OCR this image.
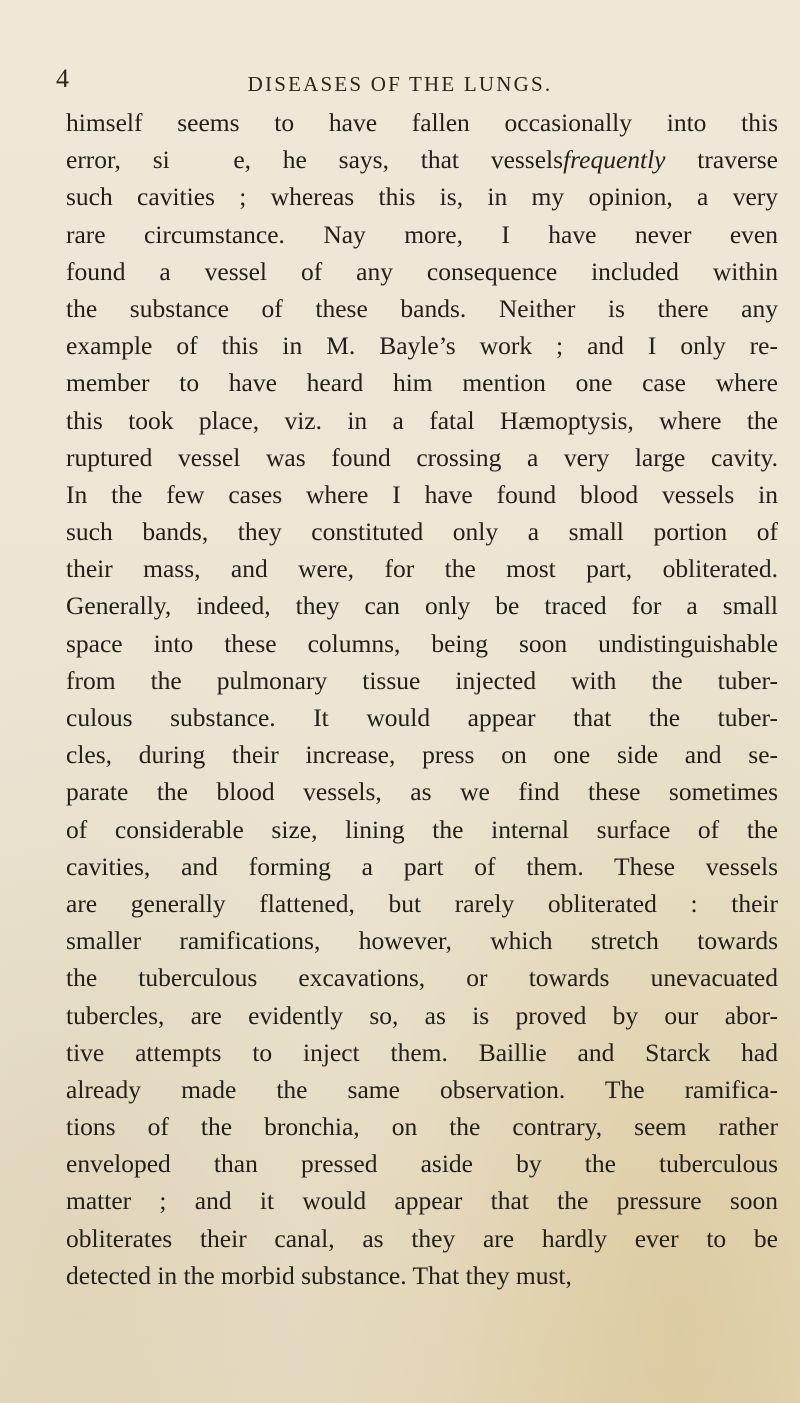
4	DISEASES OF THE LUNGS.
himself seems to have fallen occasionally into this
error, si  e, he says, that vesselsfrequently traverse
such cavities ; whereas this is, in my opinion, a very
rare circumstance. Nay more, I have never even
found a vessel of any consequence included within
the substance of these bands. Neither is there any
example of this in M. Bayle’s work ; and I only re-
member to have heard him mention one case where
this took place, viz. in a fatal Hæmoptysis, where the
ruptured vessel was found crossing a very large cavity.
In the few cases where I have found blood vessels in
such bands, they constituted only a small portion of
their mass, and were, for the most part, obliterated.
Generally, indeed, they can only be traced for a small
space into these columns, being soon undistinguishable
from the pulmonary tissue injected with the tuber-
culous substance. It would appear that the tuber-
cles, during their increase, press on one side and se-
parate the blood vessels, as we find these sometimes
of considerable size, lining the internal surface of the
cavities, and forming a part of them. These vessels
are generally flattened, but rarely obliterated : their
smaller ramifications, however, which stretch towards
the tuberculous excavations, or towards unevacuated
tubercles, are evidently so, as is proved by our abor-
tive attempts to inject them. Baillie and Starck had
already made the same observation. The ramifica-
tions of the bronchia, on the contrary, seem rather
enveloped than pressed aside by the tuberculous
matter ; and it would appear that the pressure soon
obliterates their canal, as they are hardly ever to be
detected in the morbid substance. That they must,
